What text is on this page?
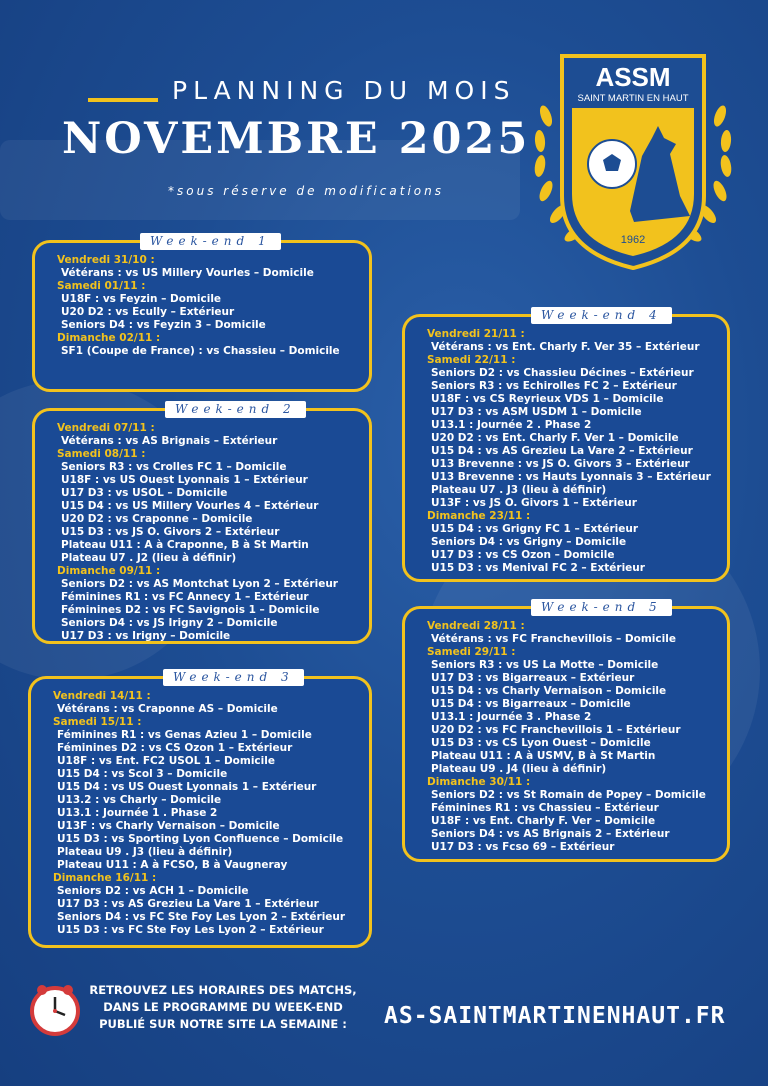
PLANNING DU MOIS
NOVEMBRE 2025
*sous réserve de modifications
ASSM
SAINT MARTIN EN HAUT
1962
Week-end 1
Vendredi 31/10 :
Vétérans : vs US Millery Vourles – Domicile
Samedi 01/11 :
U18F : vs Feyzin – Domicile
U20 D2 : vs Ecully – Extérieur
Seniors D4 : vs Feyzin 3 – Domicile
Dimanche 02/11 :
SF1 (Coupe de France) : vs Chassieu – Domicile
Week-end 2
Vendredi 07/11 :
Vétérans : vs AS Brignais – Extérieur
Samedi 08/11 :
Seniors R3 : vs Crolles FC 1 – Domicile
U18F : vs US Ouest Lyonnais 1 – Extérieur
U17 D3 : vs USOL – Domicile
U15 D4 : vs US Millery Vourles 4 – Extérieur
U20 D2 : vs Craponne – Domicile
U15 D3 : vs JS O. Givors 2 – Extérieur
Plateau U11 : A à Craponne, B à St Martin
Plateau U7 . J2 (lieu à définir)
Dimanche 09/11 :
Seniors D2 : vs AS Montchat Lyon 2 – Extérieur
Féminines R1 : vs FC Annecy 1 – Extérieur
Féminines D2 : vs FC Savignois 1 – Domicile
Seniors D4 : vs JS Irigny 2 – Domicile
U17 D3 : vs Irigny – Domicile
Week-end 3
Vendredi 14/11 :
Vétérans : vs Craponne AS – Domicile
Samedi 15/11 :
Féminines R1 : vs Genas Azieu 1 – Domicile
Féminines D2 : vs CS Ozon 1 – Extérieur
U18F : vs Ent. FC2 USOL 1 – Domicile
U15 D4 : vs Scol 3 – Domicile
U15 D4 : vs US Ouest Lyonnais 1 – Extérieur
U13.2 : vs Charly – Domicile
U13.1 : Journée 1 . Phase 2
U13F : vs Charly Vernaison – Domicile
U15 D3 : vs Sporting Lyon Confluence – Domicile
Plateau U9 . J3 (lieu à définir)
Plateau U11 : A à FCSO, B à Vaugneray
Dimanche 16/11 :
Seniors D2 : vs ACH 1 – Domicile
U17 D3 : vs AS Grezieu La Vare 1 – Extérieur
Seniors D4 : vs FC Ste Foy Les Lyon 2 – Extérieur
U15 D3 : vs FC Ste Foy Les Lyon 2 – Extérieur
Week-end 4
Vendredi 21/11 :
Vétérans : vs Ent. Charly F. Ver 35 – Extérieur
Samedi 22/11 :
Seniors D2 : vs Chassieu Décines – Extérieur
Seniors R3 : vs Echirolles FC 2 – Extérieur
U18F : vs CS Reyrieux VDS 1 – Domicile
U17 D3 : vs ASM USDM 1 – Domicile
U13.1 : Journée 2 . Phase 2
U20 D2 : vs Ent. Charly F. Ver 1 – Domicile
U15 D4 : vs AS Grezieu La Vare 2 – Extérieur
U13 Brevenne : vs JS O. Givors 3 – Extérieur
U13 Brevenne : vs Hauts Lyonnais 3 – Extérieur
Plateau U7 . J3 (lieu à définir)
U13F : vs JS O. Givors 1 – Extérieur
Dimanche 23/11 :
U15 D4 : vs Grigny FC 1 – Extérieur
Seniors D4 : vs Grigny – Domicile
U17 D3 : vs CS Ozon – Domicile
U15 D3 : vs Menival FC 2 – Extérieur
Week-end 5
Vendredi 28/11 :
Vétérans : vs FC Franchevillois – Domicile
Samedi 29/11 :
Seniors R3 : vs US La Motte – Domicile
U17 D3 : vs Bigarreaux – Extérieur
U15 D4 : vs Charly Vernaison – Domicile
U15 D4 : vs Bigarreaux – Domicile
U13.1 : Journée 3 . Phase 2
U20 D2 : vs FC Franchevillois 1 – Extérieur
U15 D3 : vs CS Lyon Ouest – Domicile
Plateau U11 : A à USMV, B à St Martin
Plateau U9 . J4 (lieu à définir)
Dimanche 30/11 :
Seniors D2 : vs St Romain de Popey – Domicile
Féminines R1 : vs Chassieu – Extérieur
U18F : vs Ent. Charly F. Ver – Domicile
Seniors D4 : vs AS Brignais 2 – Extérieur
U17 D3 : vs Fcso 69 – Extérieur
RETROUVEZ LES HORAIRES DES MATCHS,
DANS LE PROGRAMME DU WEEK-END
PUBLIÉ SUR NOTRE SITE LA SEMAINE :	AS-SAINTMARTINENHAUT.FR
